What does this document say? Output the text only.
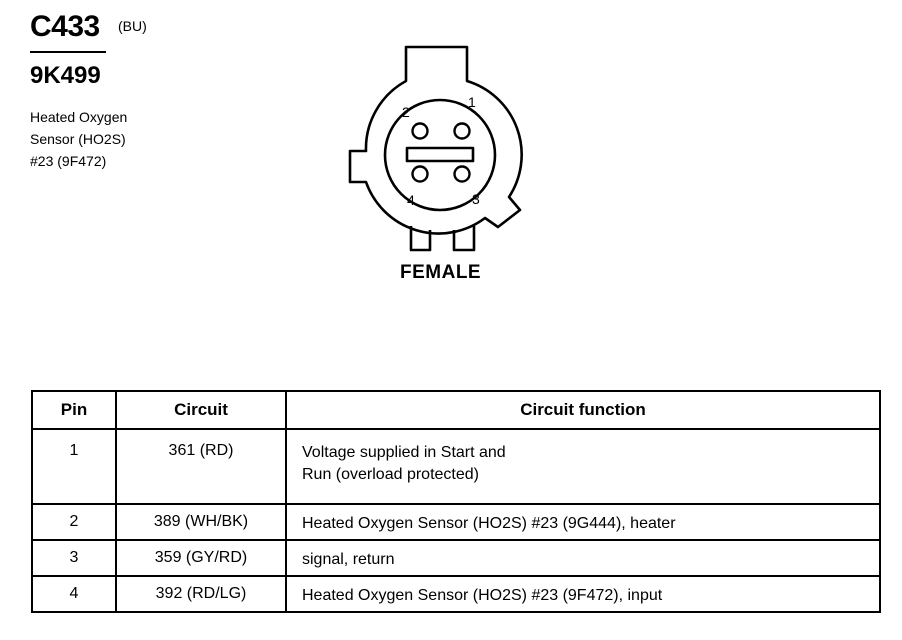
C433 (BU)
9K499
Heated Oxygen
Sensor (HO2S)
#23 (9F472)
1
2
3
4
FEMALE
Pin	Circuit	Circuit function
1	361 (RD)	Voltage supplied in Start and
Run (overload protected)

2	389 (WH/BK)	Heated Oxygen Sensor (HO2S) #23 (9G444), heater

3	359 (GY/RD)	signal, return

4	392 (RD/LG)	Heated Oxygen Sensor (HO2S) #23 (9F472), input
